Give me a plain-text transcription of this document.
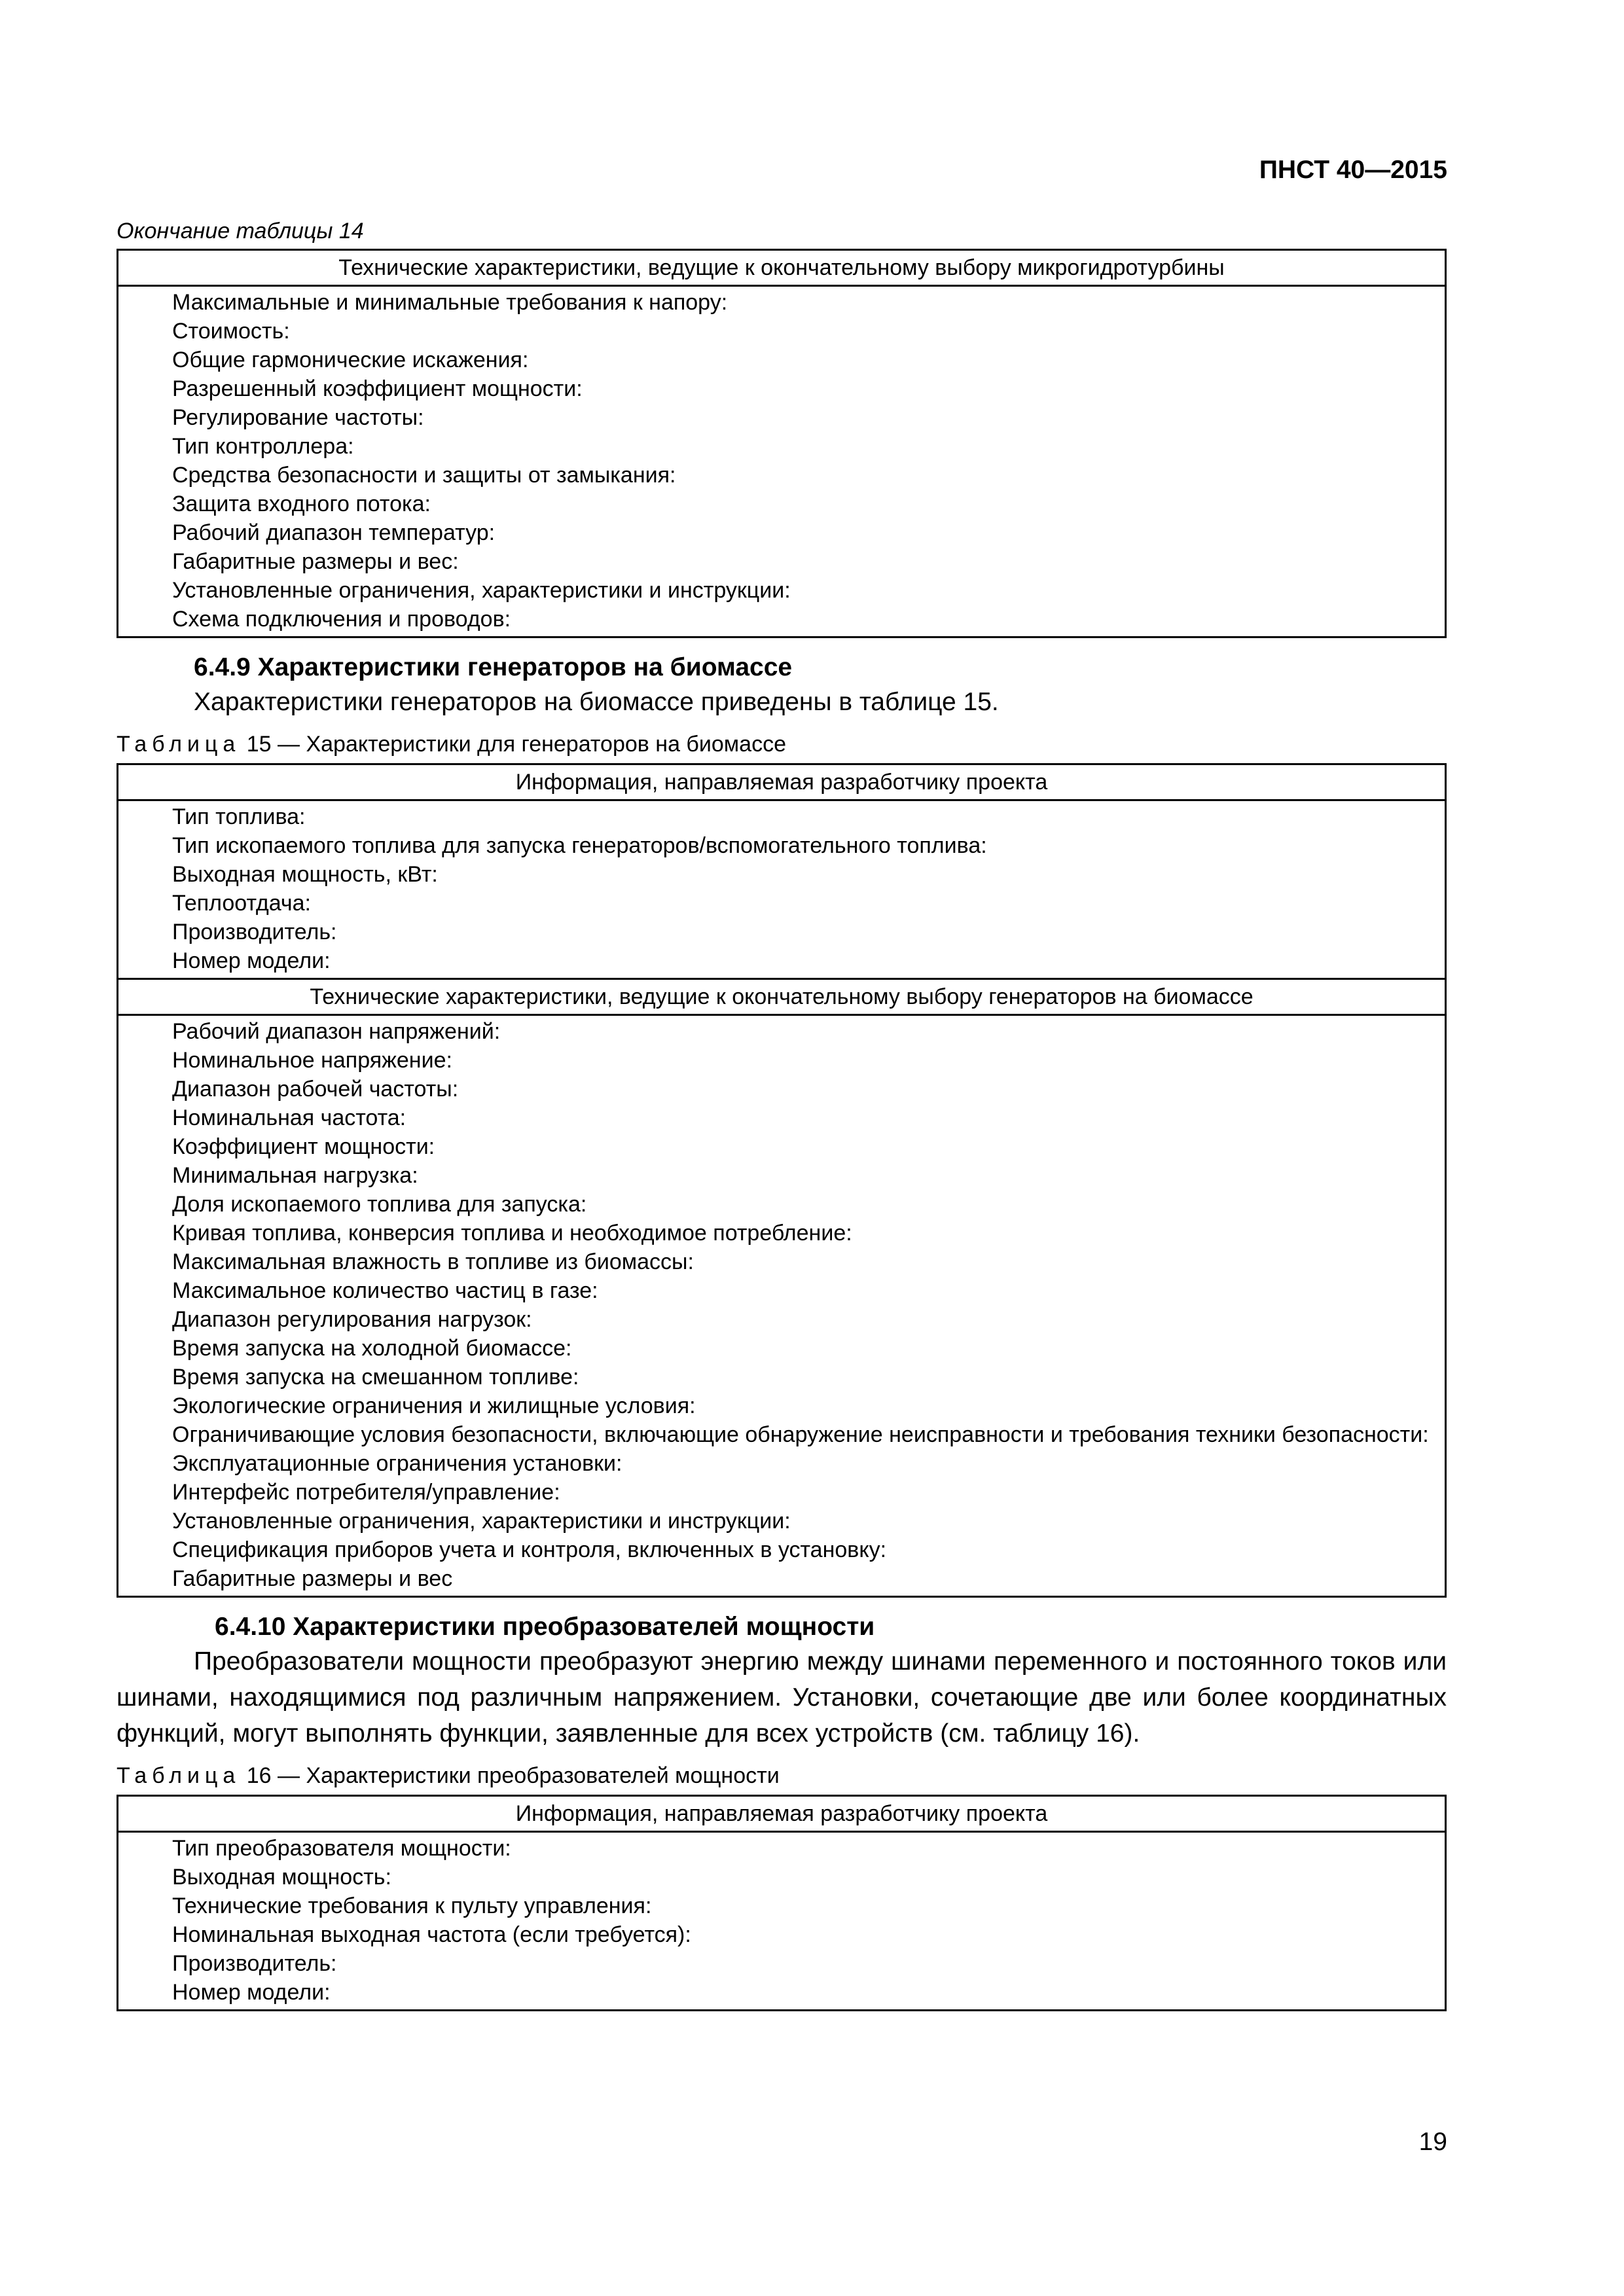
ПНСТ 40—2015
Окончание таблицы 14
Технические характеристики, ведущие к окончательному выбору микрогидротурбины

Максимальные и минимальные требования к напору:
Стоимость:
Общие гармонические искажения:
Разрешенный коэффициент мощности:
Регулирование частоты:
Тип контроллера:
Средства безопасности и защиты от замыкания:
Защита входного потока:
Рабочий диапазон температур:
Габаритные размеры и вес:
Установленные ограничения, характеристики и инструкции:
Схема подключения и проводов:
6.4.9 Характеристики генераторов на биомассе

Характеристики генераторов на биомассе приведены в таблице 15.

Таблица 15 — Характеристики для генераторов на биомассе
Информация, направляемая разработчику проекта

Тип топлива:
Тип ископаемого топлива для запуска генераторов/вспомогательного топлива:
Выходная мощность, кВт:
Теплоотдача:
Производитель:
Номер модели:

Технические характеристики, ведущие к окончательному выбору генераторов на биомассе

Рабочий диапазон напряжений:
Номинальное напряжение:
Диапазон рабочей частоты:
Номинальная частота:
Коэффициент мощности:
Минимальная нагрузка:
Доля ископаемого топлива для запуска:
Кривая топлива, конверсия топлива и необходимое потребление:
Максимальная влажность в топливе из биомассы:
Максимальное количество частиц в газе:
Диапазон регулирования нагрузок:
Время запуска на холодной биомассе:
Время запуска на смешанном топливе:
Экологические ограничения и жилищные условия:
Ограничивающие условия безопасности, включающие обнаружение неисправности и требования техники безопасности:
Эксплуатационные ограничения установки:
Интерфейс потребителя/управление:
Установленные ограничения, характеристики и инструкции:
Спецификация приборов учета и контроля, включенных в установку:
Габаритные размеры и вес
6.4.10 Характеристики преобразователей мощности

Преобразователи мощности преобразуют энергию между шинами переменного и постоянного токов или шинами, находящимися под различным напряжением. Установки, сочетающие две или более координатных функций, могут выполнять функции, заявленные для всех устройств (см. таблицу 16).

Таблица 16 — Характеристики преобразователей мощности
Информация, направляемая разработчику проекта

Тип преобразователя мощности:
Выходная мощность:
Технические требования к пульту управления:
Номинальная выходная частота (если требуется):
Производитель:
Номер модели:
19
